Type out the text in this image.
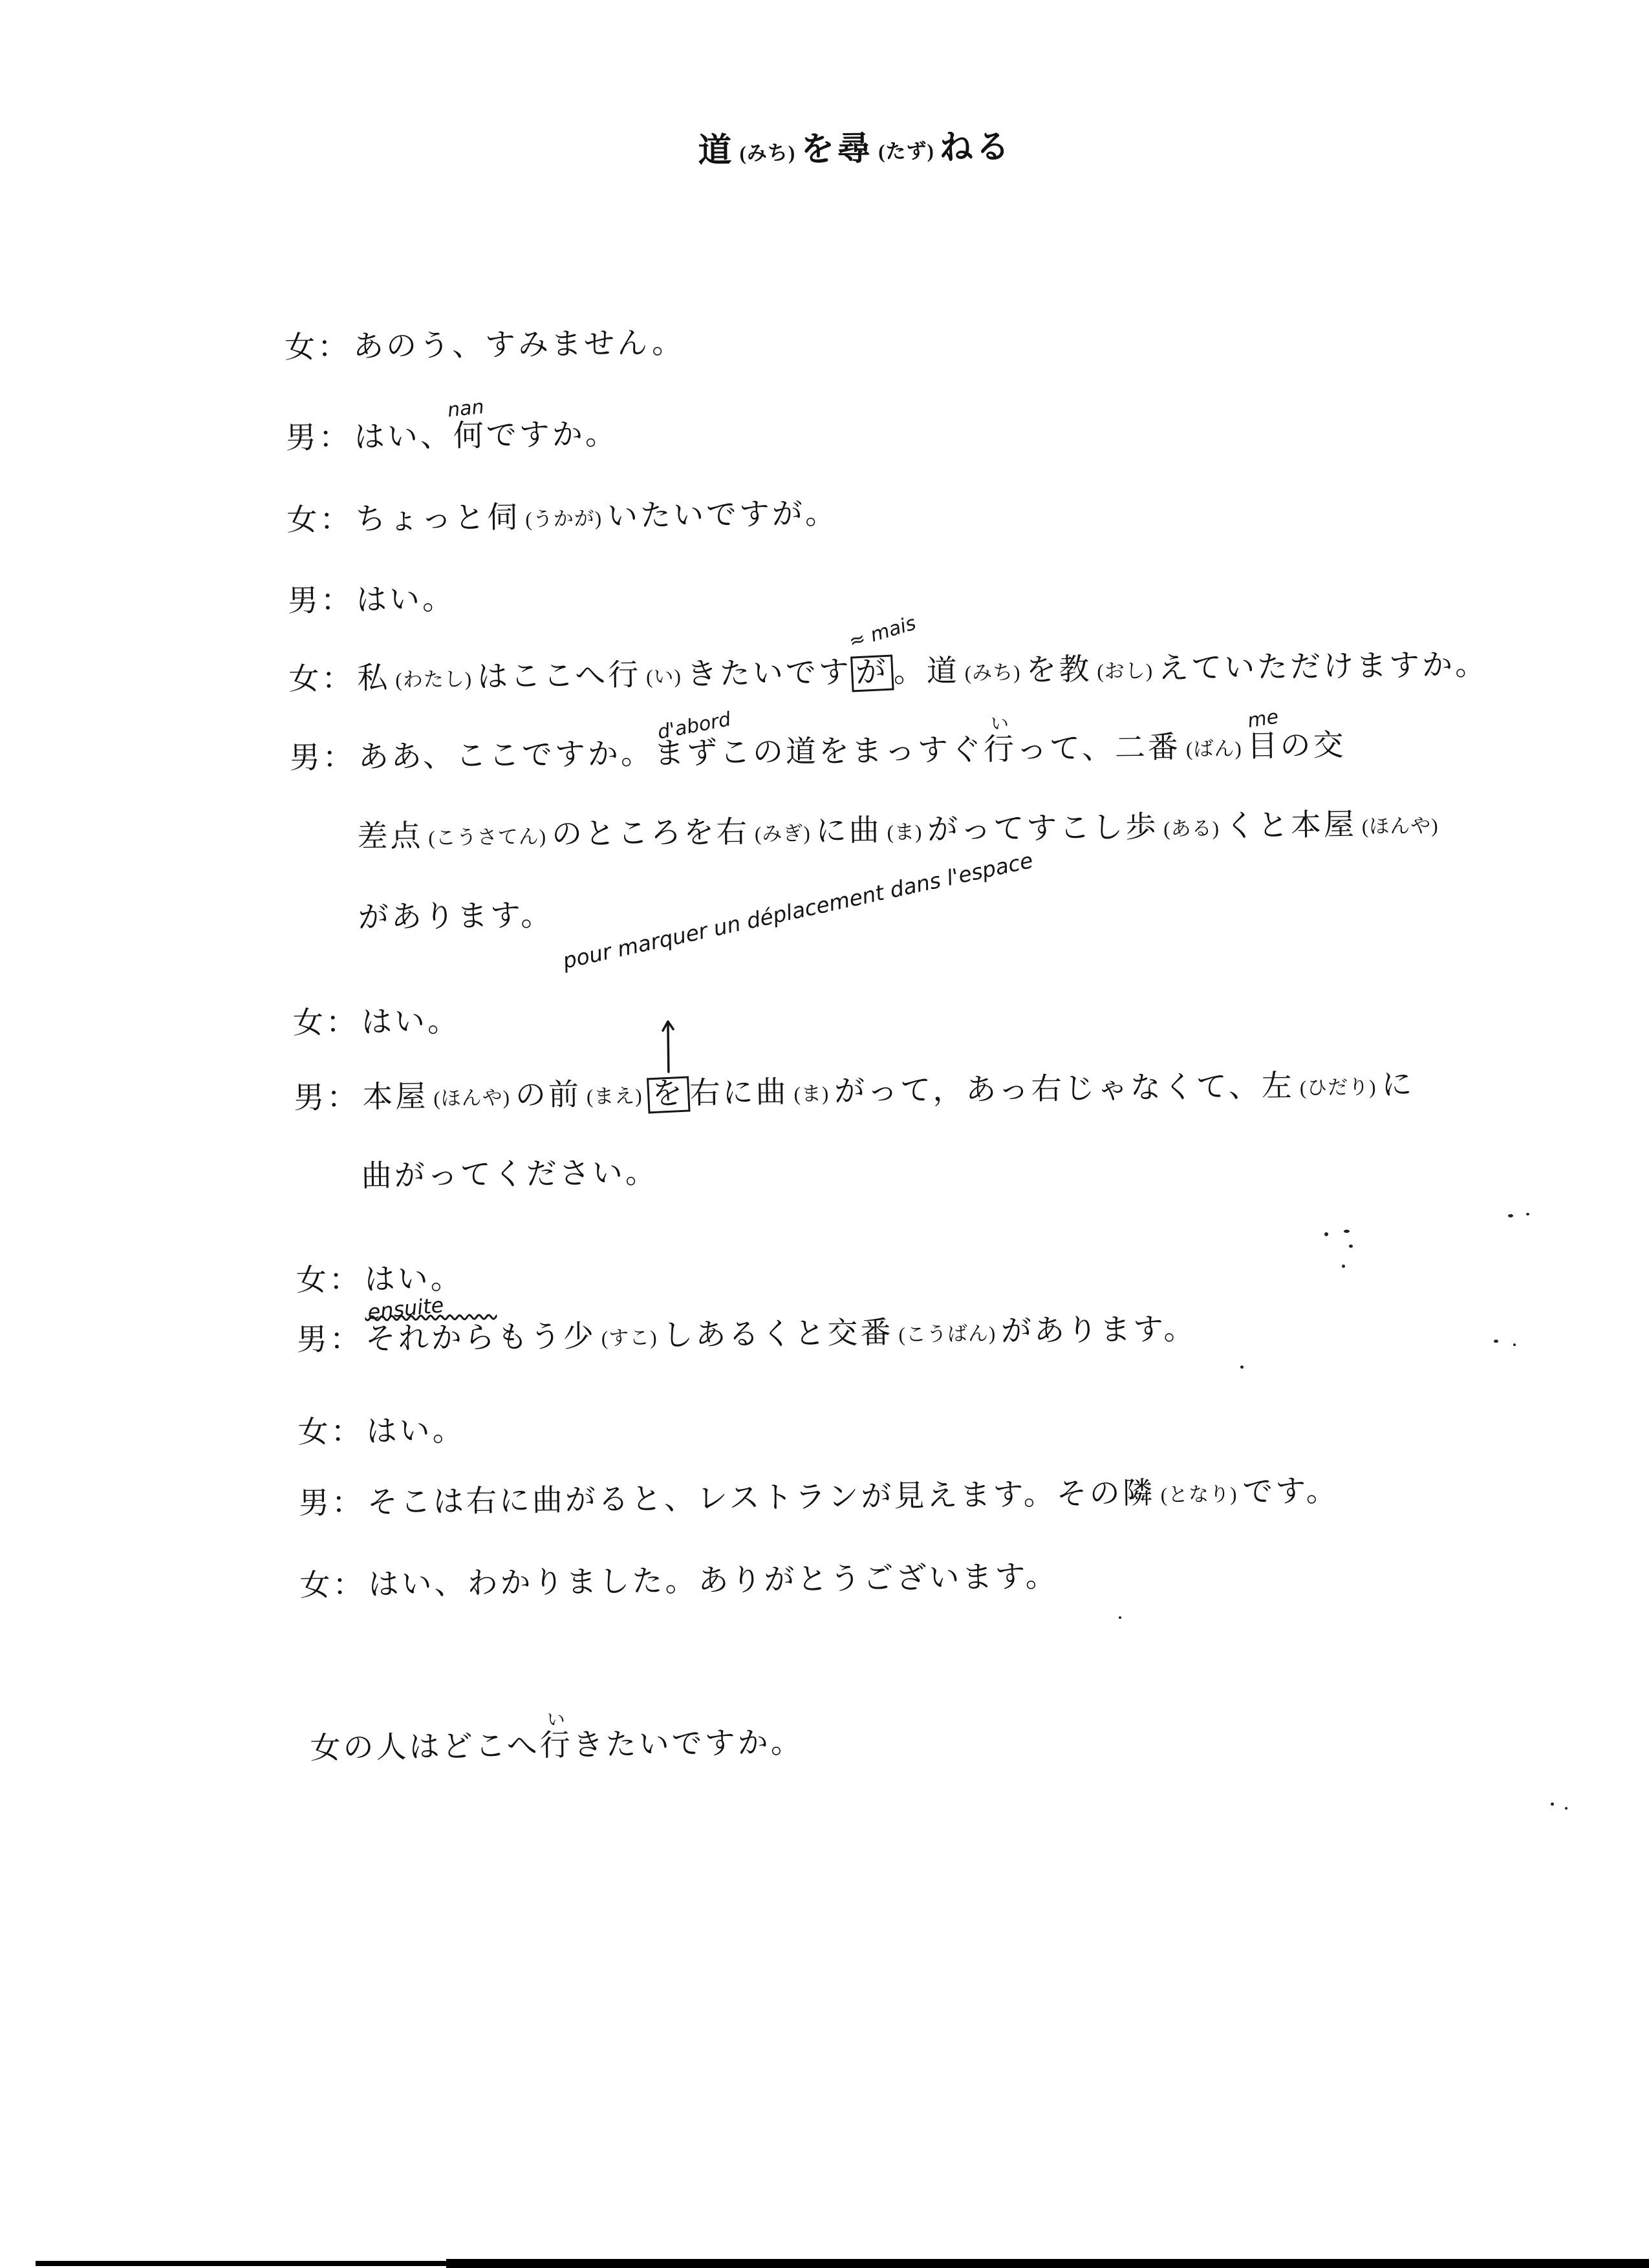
道 (みち) を尋 (たず) ねる
女：あのう、すみません。
男：はい、
nan
何ですか。
女：ちょっと伺 (うかが) いたいですが。
男：はい。
女：私 (わたし) はここへ行 (い) きたいです
≈ mais
が 。道 (みち) を教 (おし) えていただけますか。
男：ああ、ここですか。
d'abord
まずこの道をまっすぐ
い
行って、二番 (ばん)
me
目の交
差点 (こうさてん) のところを右 (みぎ) に曲 (ま) がってすこし歩 (ある) くと本屋 (ほんや)
があります。 pour marquer un déplacement dans l'espace
女：はい。
男：本屋 (ほんや) の前 (まえ) を 右に曲 (ま) がって，あっ右じゃなくて、左 (ひだり) に
曲がってください。
女：はい。
男：
ensuite
それからもう少 (すこ) しあるくと交番 (こうばん) があります。
女：はい。
男：そこは右に曲がると、レストランが見えます。その隣 (となり) です。
女：はい、わかりました。ありがとうございます。
女の人はどこへ
い
行きたいですか。
